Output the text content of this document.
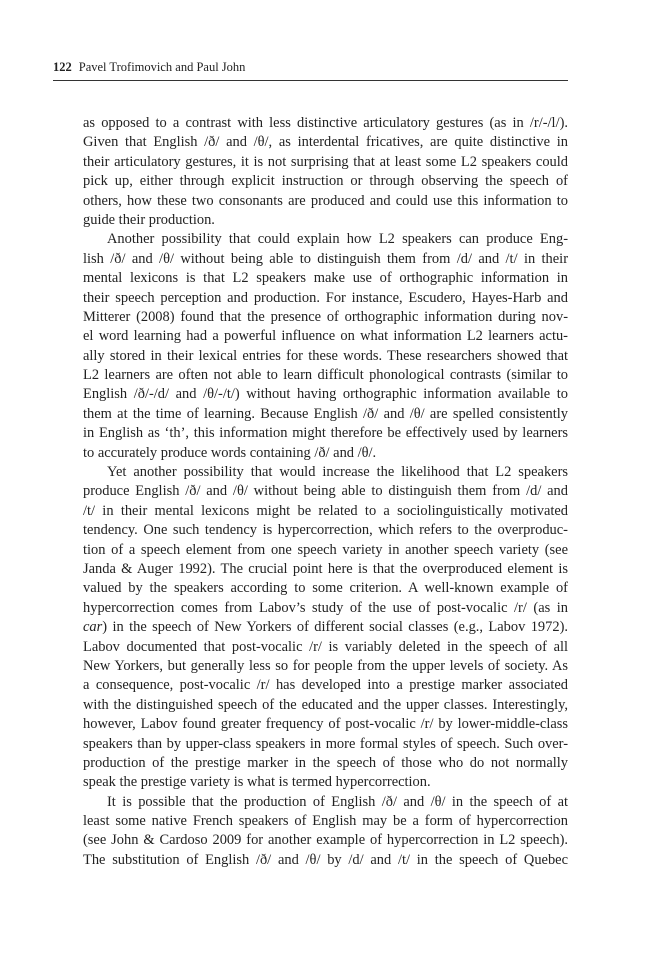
122 Pavel Trofimovich and Paul John
as opposed to a contrast with less distinctive articulatory gestures (as in /r/-/l/).
Given that English /ð/ and /θ/, as interdental fricatives, are quite distinctive in
their articulatory gestures, it is not surprising that at least some L2 speakers could
pick up, either through explicit instruction or through observing the speech of
others, how these two consonants are produced and could use this information to
guide their production.
Another possibility that could explain how L2 speakers can produce Eng-
lish /ð/ and /θ/ without being able to distinguish them from /d/ and /t/ in their
mental lexicons is that L2 speakers make use of orthographic information in
their speech perception and production. For instance, Escudero, Hayes-Harb and
Mitterer (2008) found that the presence of orthographic information during nov-
el word learning had a powerful influence on what information L2 learners actu-
ally stored in their lexical entries for these words. These researchers showed that
L2 learners are often not able to learn difficult phonological contrasts (similar to
English /ð/-/d/ and /θ/-/t/) without having orthographic information available to
them at the time of learning. Because English /ð/ and /θ/ are spelled consistently
in English as ‘th’, this information might therefore be effectively used by learners
to accurately produce words containing /ð/ and /θ/.
Yet another possibility that would increase the likelihood that L2 speakers
produce English /ð/ and /θ/ without being able to distinguish them from /d/ and
/t/ in their mental lexicons might be related to a sociolinguistically motivated
tendency. One such tendency is hypercorrection, which refers to the overproduc-
tion of a speech element from one speech variety in another speech variety (see
Janda & Auger 1992). The crucial point here is that the overproduced element is
valued by the speakers according to some criterion. A well-known example of
hypercorrection comes from Labov’s study of the use of post-vocalic /r/ (as in
car) in the speech of New Yorkers of different social classes (e.g., Labov 1972).
Labov documented that post-vocalic /r/ is variably deleted in the speech of all
New Yorkers, but generally less so for people from the upper levels of society. As
a consequence, post-vocalic /r/ has developed into a prestige marker associated
with the distinguished speech of the educated and the upper classes. Interestingly,
however, Labov found greater frequency of post-vocalic /r/ by lower-middle-class
speakers than by upper-class speakers in more formal styles of speech. Such over-
production of the prestige marker in the speech of those who do not normally
speak the prestige variety is what is termed hypercorrection.
It is possible that the production of English /ð/ and /θ/ in the speech of at
least some native French speakers of English may be a form of hypercorrection
(see John & Cardoso 2009 for another example of hypercorrection in L2 speech).
The substitution of English /ð/ and /θ/ by /d/ and /t/ in the speech of Quebec
